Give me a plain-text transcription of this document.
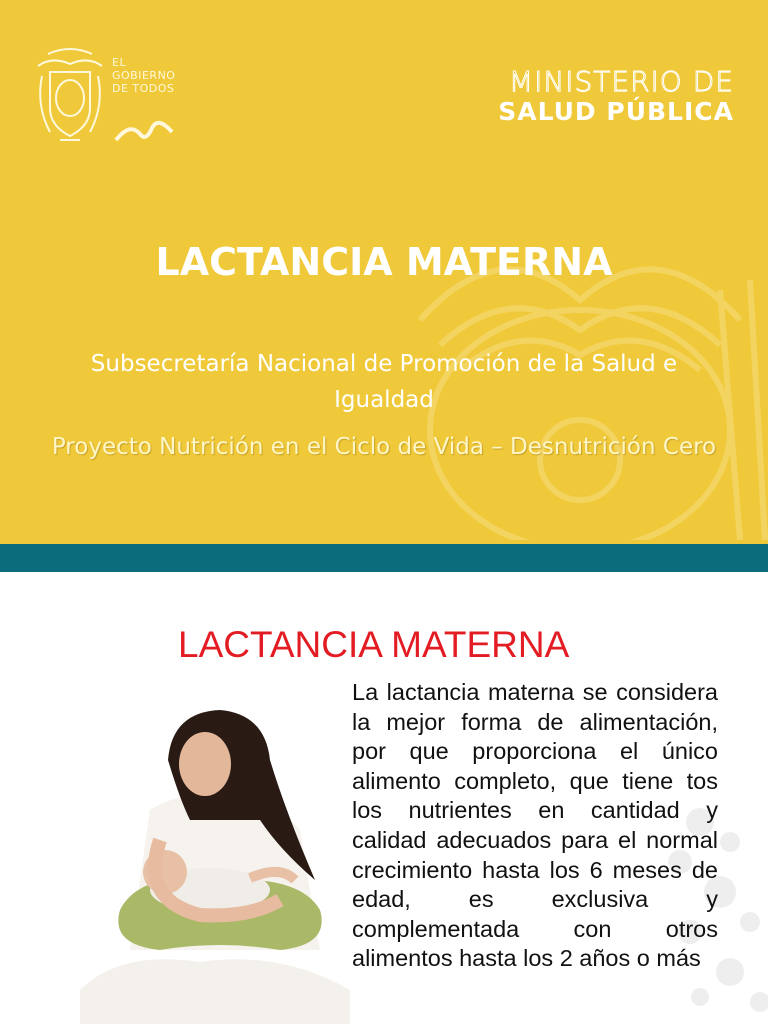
EL
GOBIERNO
DE TODOS	MINISTERIO DE
SALUD PÚBLICA
LACTANCIA MATERNA
Subsecretaría Nacional de Promoción de la Salud e Igualdad
Proyecto Nutrición en el Ciclo de Vida – Desnutrición Cero
LACTANCIA MATERNA
La lactancia materna se considera la mejor forma de alimentación, por que proporciona el único alimento completo, que tiene tos los nutrientes en cantidad y calidad adecuados para el normal crecimiento hasta los 6 meses de edad, es exclusiva y complementada con otros alimentos hasta los 2 años o más
